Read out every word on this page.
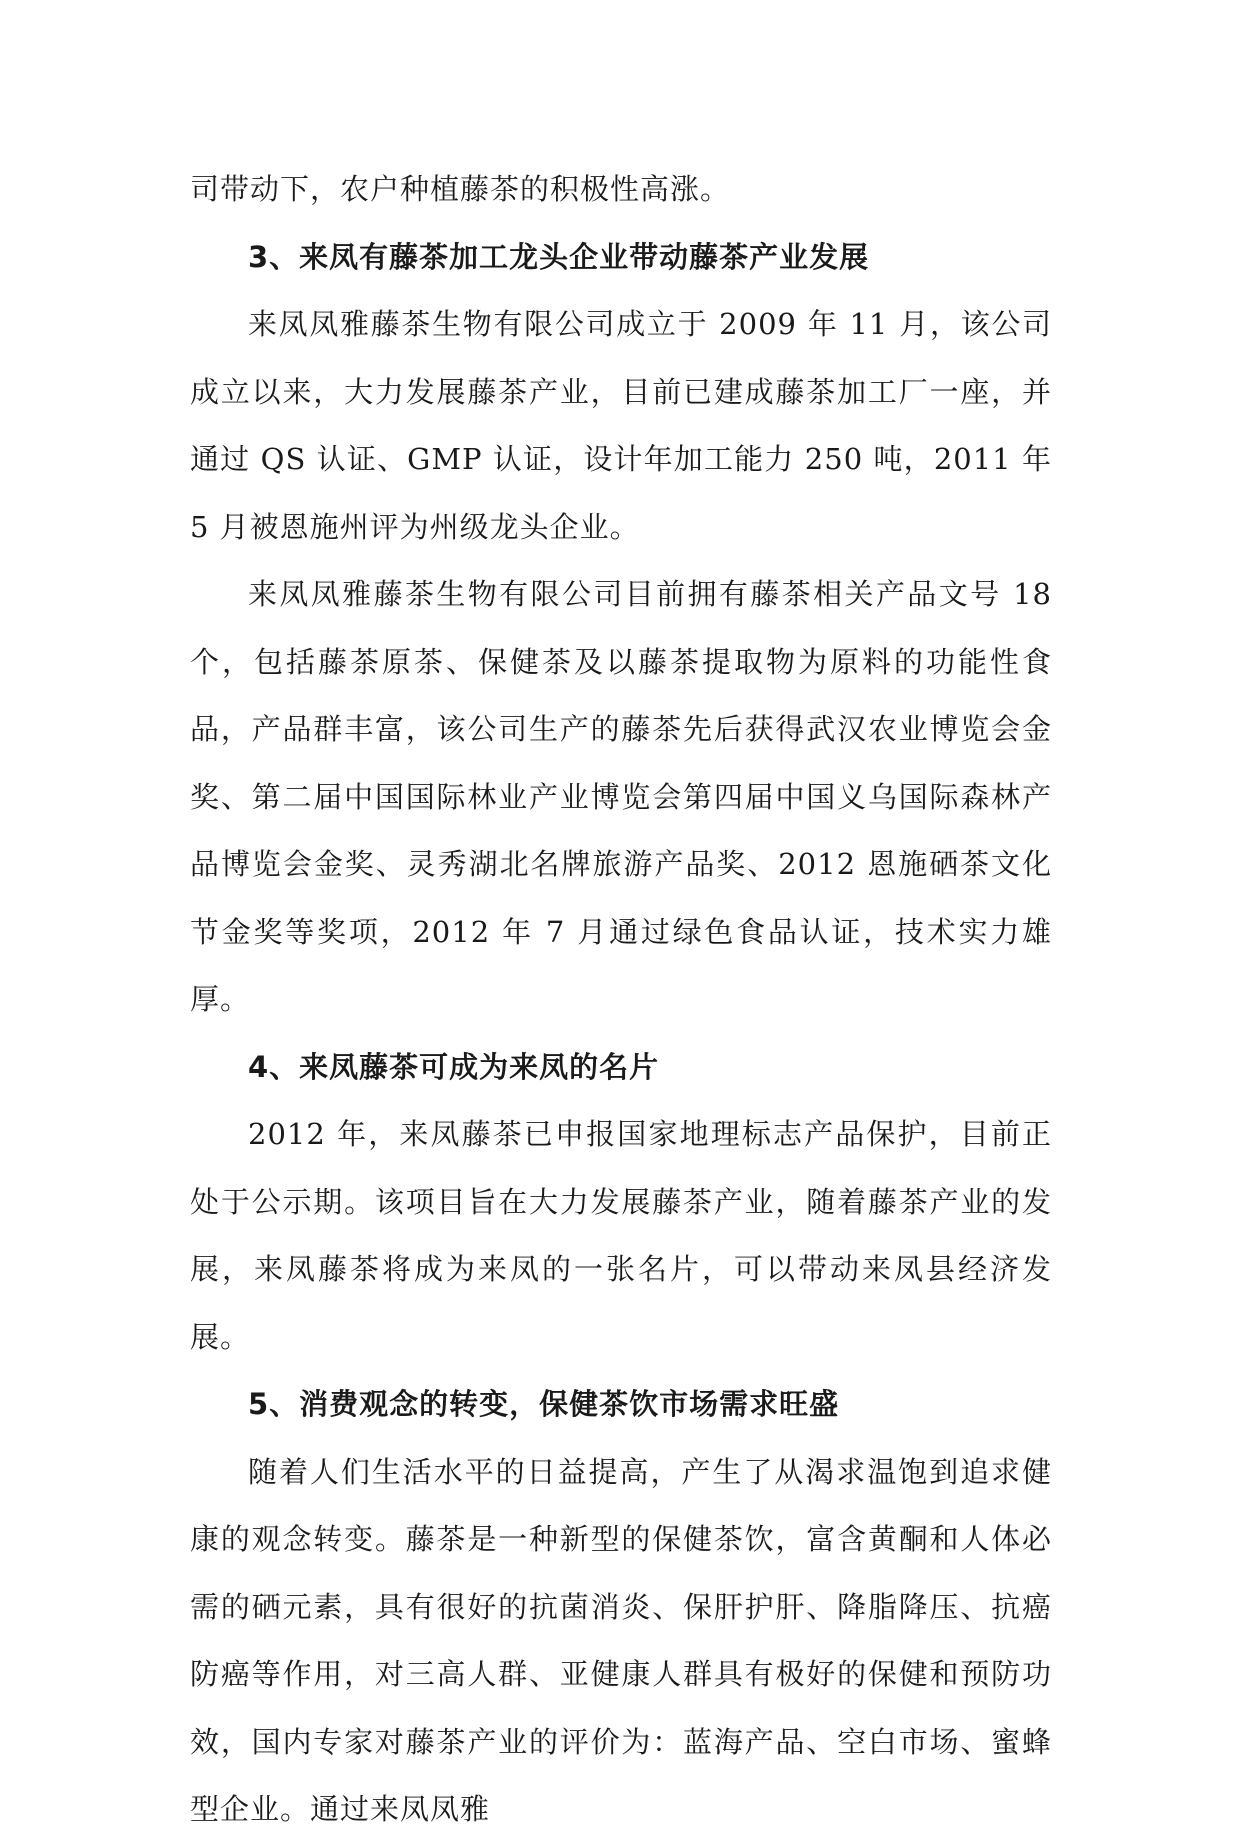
司带动下，农户种植藤茶的积极性高涨。

3、来凤有藤茶加工龙头企业带动藤茶产业发展

来凤凤雅藤茶生物有限公司成立于 2009 年 11 月，该公司成立以来，大力发展藤茶产业，目前已建成藤茶加工厂一座，并通过 QS 认证、GMP 认证，设计年加工能力 250 吨，2011 年 5 月被恩施州评为州级龙头企业。

来凤凤雅藤茶生物有限公司目前拥有藤茶相关产品文号 18 个，包括藤茶原茶、保健茶及以藤茶提取物为原料的功能性食品，产品群丰富，该公司生产的藤茶先后获得武汉农业博览会金奖、第二届中国国际林业产业博览会第四届中国义乌国际森林产品博览会金奖、灵秀湖北名牌旅游产品奖、2012 恩施硒茶文化节金奖等奖项，2012 年 7 月通过绿色食品认证，技术实力雄厚。

4、来凤藤茶可成为来凤的名片

2012 年，来凤藤茶已申报国家地理标志产品保护，目前正处于公示期。该项目旨在大力发展藤茶产业，随着藤茶产业的发展，来凤藤茶将成为来凤的一张名片，可以带动来凤县经济发展。

5、消费观念的转变，保健茶饮市场需求旺盛

随着人们生活水平的日益提高，产生了从渴求温饱到追求健康的观念转变。藤茶是一种新型的保健茶饮，富含黄酮和人体必需的硒元素，具有很好的抗菌消炎、保肝护肝、降脂降压、抗癌防癌等作用，对三高人群、亚健康人群具有极好的保健和预防功效，国内专家对藤茶产业的评价为：蓝海产品、空白市场、蜜蜂型企业。通过来凤凤雅
